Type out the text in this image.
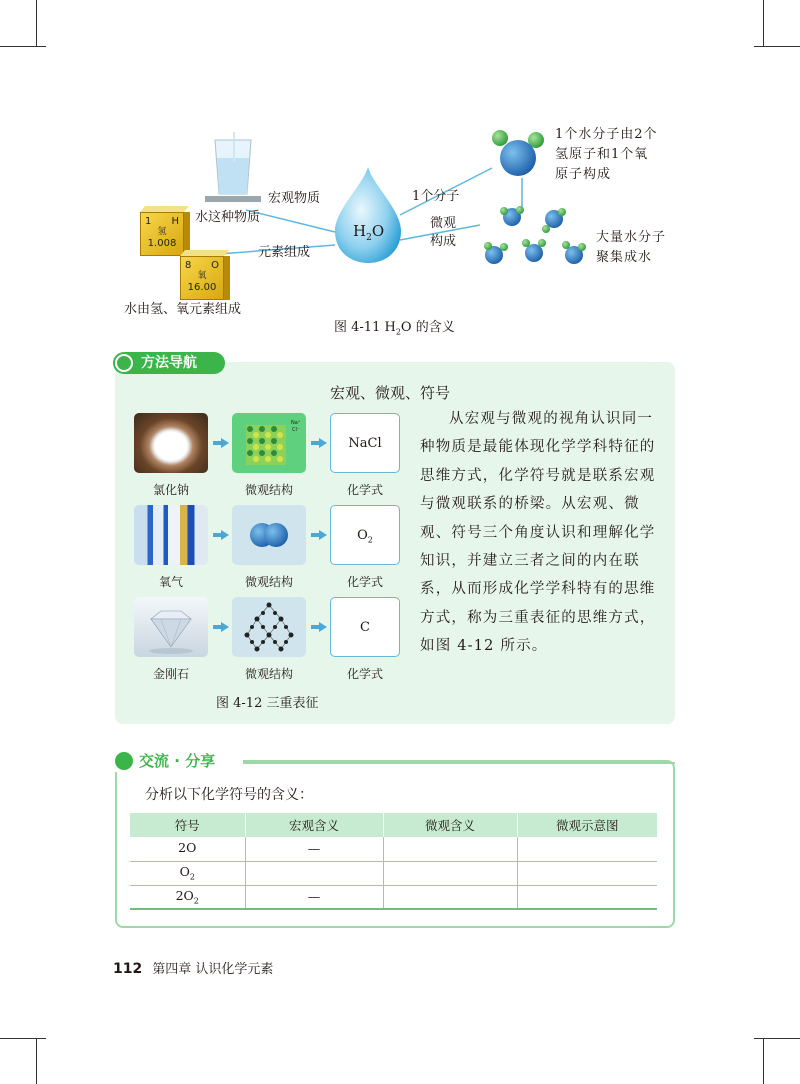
$H_2O$
宏观物质
水这种物质
元素组成
1 H
氢
1.008
8 O
氧
16.00
水由氢、氧元素组成
1个分子
微观
构成
1个水分子由2个
氢原子和1个氧
原子构成
大量水分子
聚集成水
图 4-11 $H_2O$ 的含义
方法导航
宏观、微观、符号
Na⁺
Cl⁻
NaCl
氯化钠	微观结构	化学式
$O_2$
氧气	微观结构	化学式
C
金刚石	微观结构	化学式
图 4-12 三重表征

从宏观与微观的视角认识同一种物质是最能体现化学学科特征的思维方式，化学符号就是联系宏观与微观联系的桥梁。从宏观、微观、符号三个角度认识和理解化学知识，并建立三者之间的内在联系，从而形成化学学科特有的思维方式，称为三重表征的思维方式，如图 4-12 所示。

交流 · 分享
分析以下化学符号的含义：
符号	宏观含义	微观含义	微观示意图
2O	—		
$O_2$			
$2O_2$	—		
112 第四章 认识化学元素
